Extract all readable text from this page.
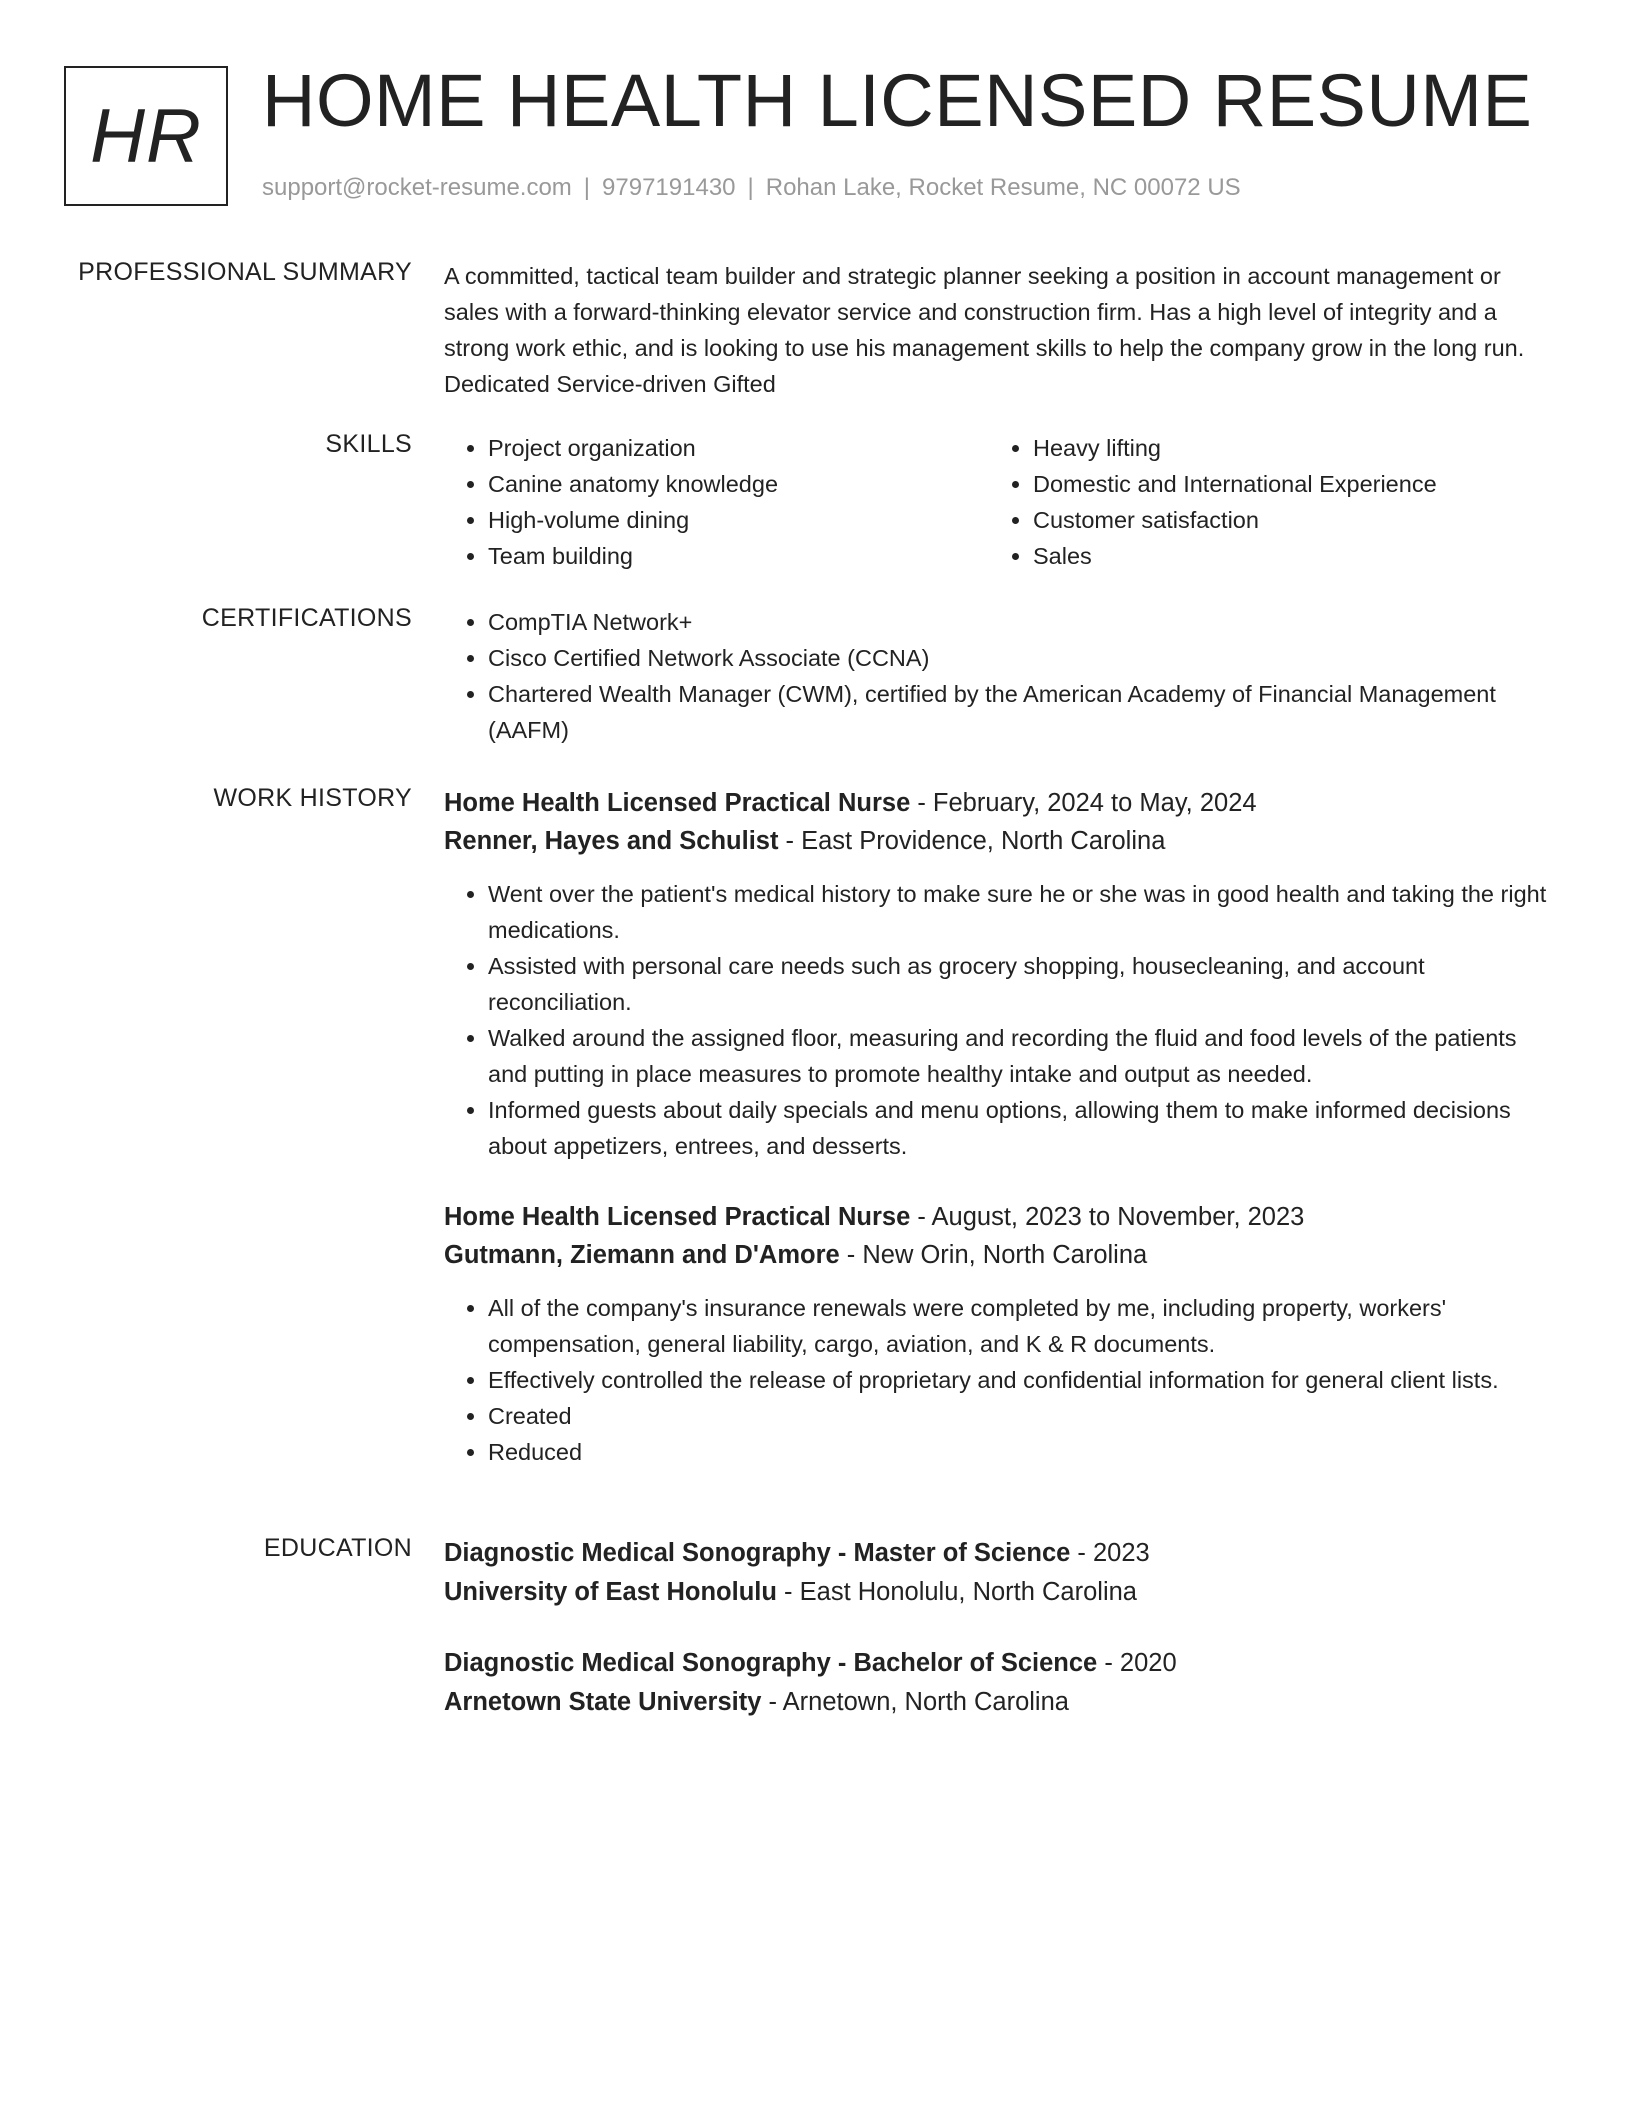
HR HOME HEALTH LICENSED RESUME
support@rocket-resume.com | 9797191430 | Rohan Lake, Rocket Resume, NC 00072 US
PROFESSIONAL SUMMARY A committed, tactical team builder and strategic planner seeking a position in account management or sales with a forward-thinking elevator service and construction firm. Has a high level of integrity and a strong work ethic, and is looking to use his management skills to help the company grow in the long run. Dedicated Service-driven Gifted

SKILLS	• Project organization
• Canine anatomy knowledge
• High-volume dining
• Team building
• Heavy lifting
• Domestic and International Experience
• Customer satisfaction
• Sales
CERTIFICATIONS	• CompTIA Network+
• Cisco Certified Network Associate (CCNA)
• Chartered Wealth Manager (CWM), certified by the American Academy of Financial Management (AAFM)
WORK HISTORY Home Health Licensed Practical Nurse - February, 2024 to May, 2024
Renner, Hayes and Schulist - East Providence, North Carolina
• Went over the patient's medical history to make sure he or she was in good health and taking the right medications.
• Assisted with personal care needs such as grocery shopping, housecleaning, and account reconciliation.
• Walked around the assigned floor, measuring and recording the fluid and food levels of the patients and putting in place measures to promote healthy intake and output as needed.
• Informed guests about daily specials and menu options, allowing them to make informed decisions about appetizers, entrees, and desserts.
Home Health Licensed Practical Nurse - August, 2023 to November, 2023
Gutmann, Ziemann and D'Amore - New Orin, North Carolina
• All of the company's insurance renewals were completed by me, including property, workers' compensation, general liability, cargo, aviation, and K & R documents.
• Effectively controlled the release of proprietary and confidential information for general client lists.
• Created
• Reduced
EDUCATION Diagnostic Medical Sonography - Master of Science - 2023
University of East Honolulu - East Honolulu, North Carolina
Diagnostic Medical Sonography - Bachelor of Science - 2020
Arnetown State University - Arnetown, North Carolina
